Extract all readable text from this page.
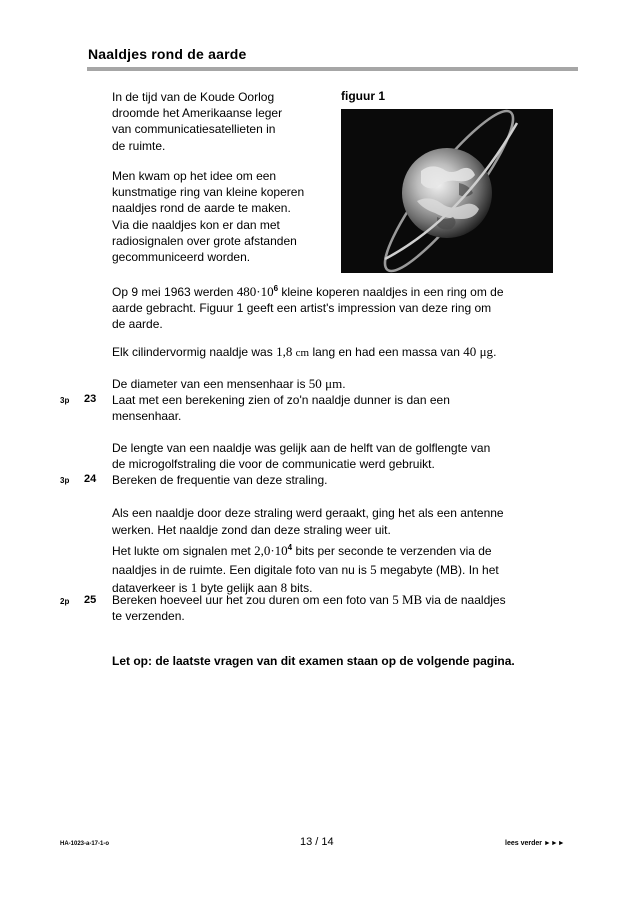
Naaldjes rond de aarde
In de tijd van de Koude Oorlog
droomde het Amerikaanse leger
van communicatiesatellieten in
de ruimte.
Men kwam op het idee om een
kunstmatige ring van kleine koperen
naaldjes rond de aarde te maken.
Via die naaldjes kon er dan met
radiosignalen over grote afstanden
gecommuniceerd worden.
figuur 1
Op 9 mei 1963 werden $480\cdot 10^6$ kleine koperen naaldjes in een ring om de
aarde gebracht. Figuur 1 geeft een artist's impression van deze ring om
de aarde.
Elk cilindervormig naaldje was 1,8 cm lang en had een massa van 40 μg.
De diameter van een mensenhaar is 50 μm.
3p 23 Laat met een berekening zien of zo'n naaldje dunner is dan een
mensenhaar.
De lengte van een naaldje was gelijk aan de helft van de golflengte van
de microgolfstraling die voor de communicatie werd gebruikt.
3p 24 Bereken de frequentie van deze straling.
Als een naaldje door deze straling werd geraakt, ging het als een antenne
werken. Het naaldje zond dan deze straling weer uit.
Het lukte om signalen met $2,0\cdot 10^4$ bits per seconde te verzenden via de
naaldjes in de ruimte. Een digitale foto van nu is 5 megabyte (MB). In het
dataverkeer is 1 byte gelijk aan 8 bits.
2p 25 Bereken hoeveel uur het zou duren om een foto van 5 MB via de naaldjes
te verzenden.
Let op: de laatste vragen van dit examen staan op de volgende pagina.
HA-1023-a-17-1-o	13 / 14	lees verder ►►►
